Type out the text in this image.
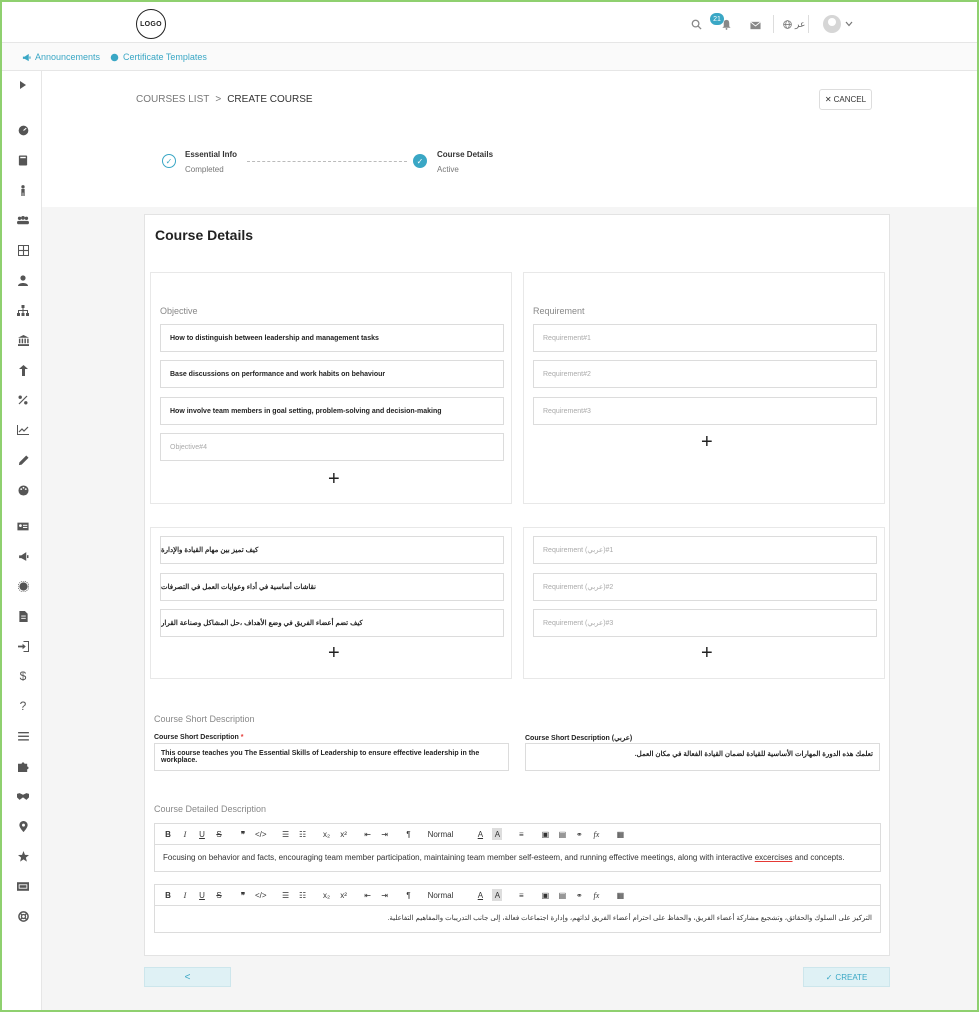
LOGO
21	عر
Announcements	Certificate Templates
$
?
COURSES LIST > CREATE COURSE	✕ CANCEL
✓
Essential Info
Completed
✓
Course Details
Active
Course Details
Objective
How to distinguish between leadership and management tasks
Base discussions on performance and work habits on behaviour
How involve team members in goal setting, problem-solving and decision-making
Objective#4
+
Requirement
Requirement#1
Requirement#2
Requirement#3
+
كيف تميز بين مهام القيادة والإدارة
نقاشات أساسية في أداء وعوايات العمل في التصرفات
كيف تضم أعضاء الفريق في وضع الأهداف ،حل المشاكل وصناعة القرار
+
Requirement (عربي)#1
Requirement (عربي)#2
Requirement (عربي)#3
+
Course Short Description
Course Short Description *
This course teaches you The Essential Skills of Leadership to ensure effective leadership in the workplace.
Course Short Description (عربي)
تعلمك هذه الدورة المهارات الأساسية للقيادة لضمان القيادة الفعالة في مكان العمل.
Course Detailed Description
B	I	U S	❞	</> ☰ ☷ x₂ x² ⇤ ⇥	¶	Normal	A A	≡	▣ ▤ ⚭ fx ▦
Focusing on behavior and facts, encouraging team member participation, maintaining team member self-esteem, and running effective meetings, along with interactive excercises and concepts.
B	I	U S	❞	</> ☰ ☷ x₂ x² ⇤ ⇥	¶	Normal	A A	≡	▣ ▤ ⚭ fx ▦
التركيز على السلوك والحقائق، وتشجيع مشاركة أعضاء الفريق، والحفاظ على احترام أعضاء الفريق لذاتهم، وإدارة اجتماعات فعالة، إلى جانب التدريبات والمفاهيم التفاعلية.
<	✓ CREATE
